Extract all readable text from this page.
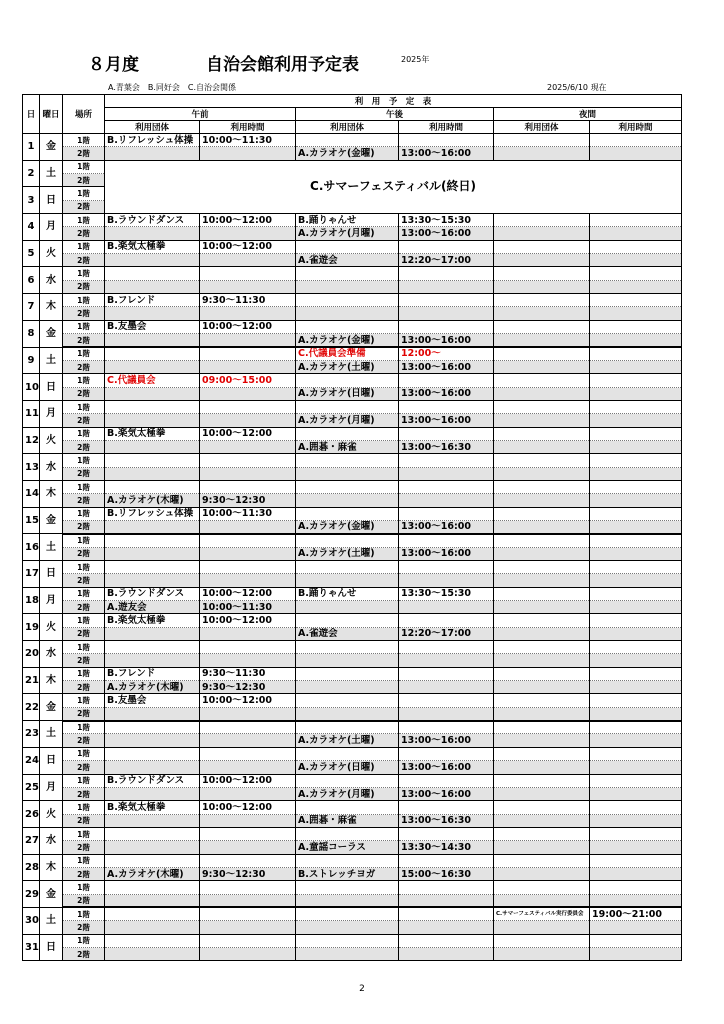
８月度	自治会館利用予定表	2025年
A.青葉会　B.同好会　C.自治会関係	2025/6/10 現在
日	曜日	場所	利　用　予　定　表					
			午前		午後		夜間	
			利用団体	利用時間	利用団体	利用時間	利用団体	利用時間
1	金	1階	B.リフレッシュ体操	10:00～11:30				
		2階			A.カラオケ(金曜)	13:00～16:00		
2	土	1階	C.サマーフェスティバル(終日)					
		2階						
3	日	1階						
		2階						
4	月	1階	B.ラウンドダンス	10:00～12:00	B.踊りゃんせ	13:30～15:30		
		2階			A.カラオケ(月曜)	13:00～16:00		
5	火	1階	B.楽気太極拳	10:00～12:00				
		2階			A.雀遊会	12:20～17:00		
6	水	1階						
		2階						
7	木	1階	B.フレンド	9:30～11:30				
		2階						
8	金	1階	B.友墨会	10:00～12:00				
		2階			A.カラオケ(金曜)	13:00～16:00		
9	土	1階			C.代議員会準備	12:00～		
		2階			A.カラオケ(土曜)	13:00～16:00		
10	日	1階	C.代議員会	09:00～15:00				
		2階			A.カラオケ(日曜)	13:00～16:00		
11	月	1階						
		2階			A.カラオケ(月曜)	13:00～16:00		
12	火	1階	B.楽気太極拳	10:00～12:00				
		2階			A.囲碁・麻雀	13:00～16:30		
13	水	1階						
		2階						
14	木	1階						
		2階	A.カラオケ(木曜)	9:30～12:30				
15	金	1階	B.リフレッシュ体操	10:00～11:30				
		2階			A.カラオケ(金曜)	13:00～16:00		
16	土	1階						
		2階			A.カラオケ(土曜)	13:00～16:00		
17	日	1階						
		2階						
18	月	1階	B.ラウンドダンス	10:00～12:00	B.踊りゃんせ	13:30～15:30		
		2階	A.遊友会	10:00～11:30				
19	火	1階	B.楽気太極拳	10:00～12:00				
		2階			A.雀遊会	12:20～17:00		
20	水	1階						
		2階						
21	木	1階	B.フレンド	9:30～11:30				
		2階	A.カラオケ(木曜)	9:30～12:30				
22	金	1階	B.友墨会	10:00～12:00				
		2階						
23	土	1階						
		2階			A.カラオケ(土曜)	13:00～16:00		
24	日	1階						
		2階			A.カラオケ(日曜)	13:00～16:00		
25	月	1階	B.ラウンドダンス	10:00～12:00				
		2階			A.カラオケ(月曜)	13:00～16:00		
26	火	1階	B.楽気太極拳	10:00～12:00				
		2階			A.囲碁・麻雀	13:00～16:30		
27	水	1階						
		2階			A.童謡コーラス	13:30～14:30		
28	木	1階						
		2階	A.カラオケ(木曜)	9:30～12:30	B.ストレッチヨガ	15:00～16:30		
29	金	1階						
		2階						
30	土	1階					C.サマーフェスティバル実行委員会	19:00～21:00
		2階						
31	日	1階						
		2階						
2
